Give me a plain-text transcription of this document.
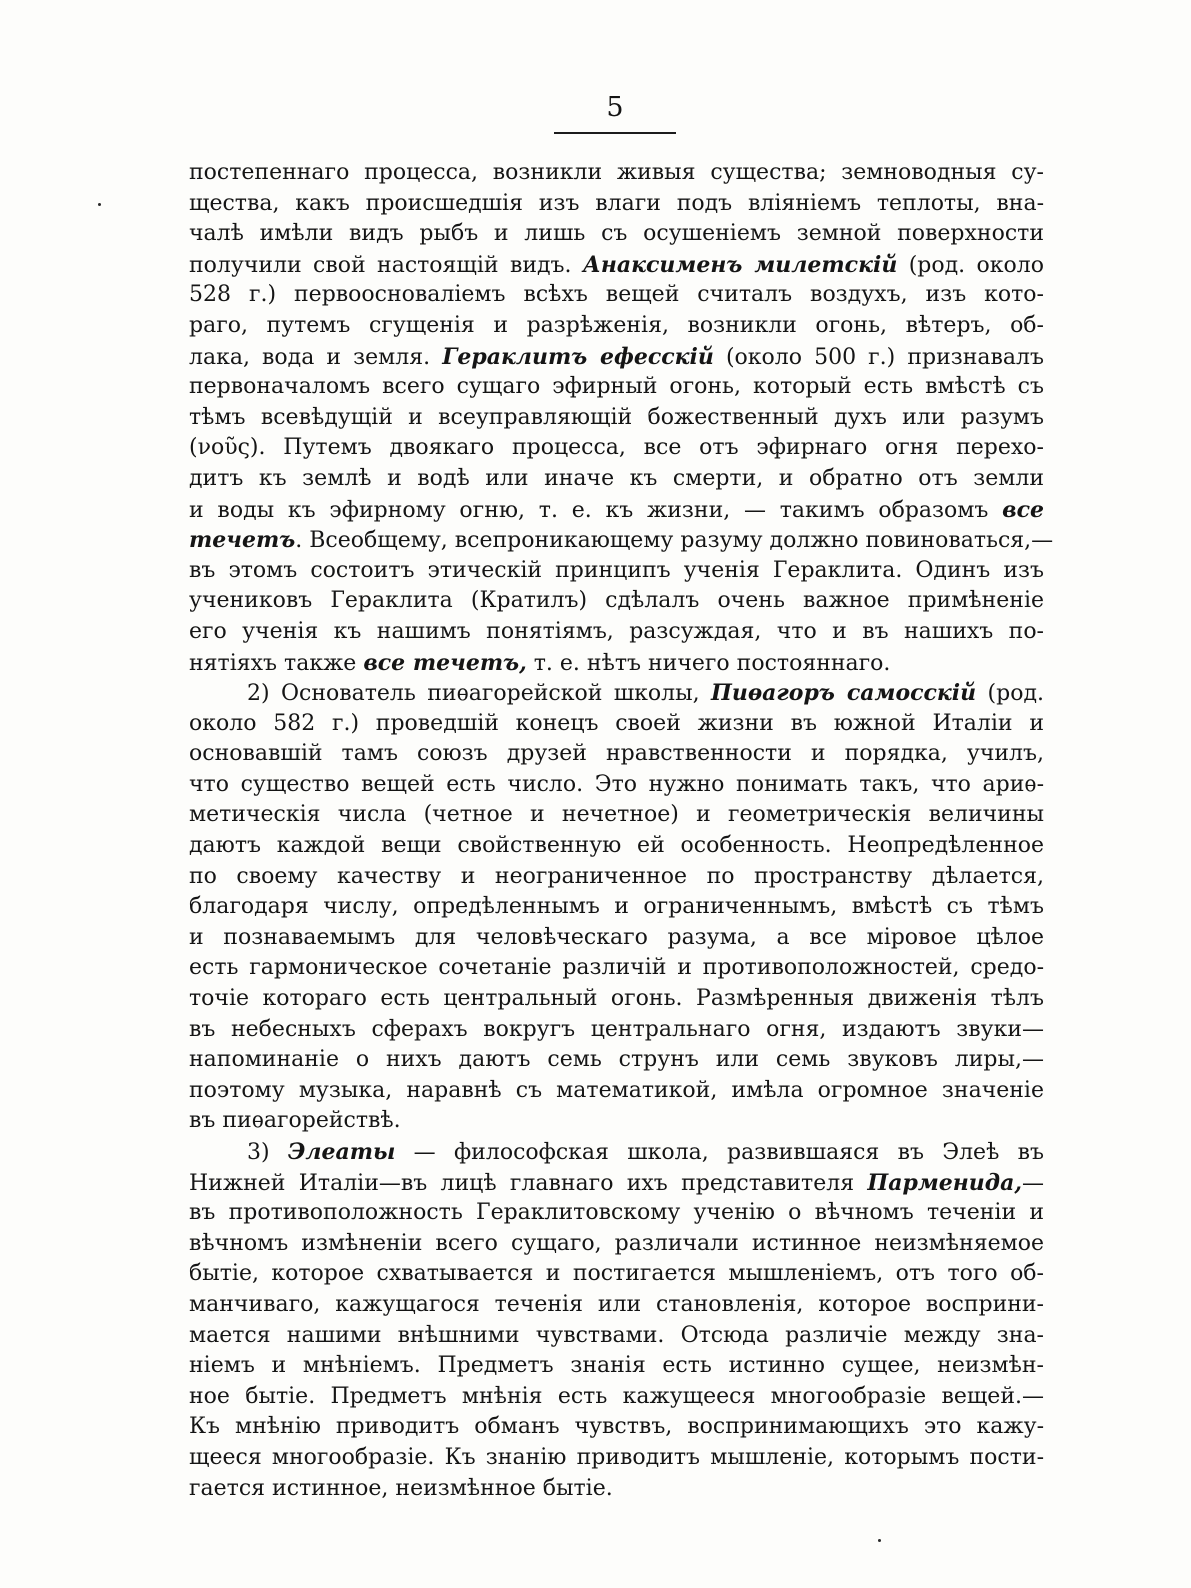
5
постепеннаго процесса, возникли живыя существа; земноводныя су-
щества, какъ происшедшія изъ влаги подъ вліяніемъ теплоты, вна-
чалѣ имѣли видъ рыбъ и лишь съ осушеніемъ земной поверхности
получили свой настоящій видъ. Анаксименъ милетскій (род. около
528 г.) первоосноваліемъ всѣхъ вещей считалъ воздухъ, изъ кото-
раго, путемъ сгущенія и разрѣженія, возникли огонь, вѣтеръ, об-
лака, вода и земля. Гераклитъ ефесскій (около 500 г.) признавалъ
первоначаломъ всего сущаго эфирный огонь, который есть вмѣстѣ съ
тѣмъ всевѣдущій и всеуправляющій божественный духъ или разумъ
(νοῦς). Путемъ двоякаго процесса, все отъ эфирнаго огня перехо-
дитъ къ землѣ и водѣ или иначе къ смерти, и обратно отъ земли
и воды къ эфирному огню, т. е. къ жизни, — такимъ образомъ все
течетъ. Всеобщему, всепроникающему разуму должно повиноваться,—
въ этомъ состоитъ этическій принципъ ученія Гераклита. Одинъ изъ
учениковъ Гераклита (Кратилъ) сдѣлалъ очень важное примѣненіе
его ученія къ нашимъ понятіямъ, разсуждая, что и въ нашихъ по-
нятіяхъ также все течетъ, т. е. нѣтъ ничего постояннаго.
2) Основатель пиѳагорейской школы, Пиѳагоръ самосскій (род.
около 582 г.) проведшій конецъ своей жизни въ южной Италіи и
основавшій тамъ союзъ друзей нравственности и порядка, училъ,
что существо вещей есть число. Это нужно понимать такъ, что ариѳ-
метическія числа (четное и нечетное) и геометрическія величины
даютъ каждой вещи свойственную ей особенность. Неопредѣленное
по своему качеству и неограниченное по пространству дѣлается,
благодаря числу, опредѣленнымъ и ограниченнымъ, вмѣстѣ съ тѣмъ
и познаваемымъ для человѣческаго разума, а все міровое цѣлое
есть гармоническое сочетаніе различій и противоположностей, средо-
точіе котораго есть центральный огонь. Размѣренныя движенія тѣлъ
въ небесныхъ сферахъ вокругъ центральнаго огня, издаютъ звуки—
напоминаніе о нихъ даютъ семь струнъ или семь звуковъ лиры,—
поэтому музыка, наравнѣ съ математикой, имѣла огромное значеніе
въ пиѳагорействѣ.
3) Элеаты — философская школа, развившаяся въ Элеѣ въ
Нижней Италіи—въ лицѣ главнаго ихъ представителя Парменида,—
въ противоположность Гераклитовскому ученію о вѣчномъ теченіи и
вѣчномъ измѣненіи всего сущаго, различали истинное неизмѣняемое
бытіе, которое схватывается и постигается мышленіемъ, отъ того об-
манчиваго, кажущагося теченія или становленія, которое восприни-
мается нашими внѣшними чувствами. Отсюда различіе между зна-
ніемъ и мнѣніемъ. Предметъ знанія есть истинно сущее, неизмѣн-
ное бытіе. Предметъ мнѣнія есть кажущееся многообразіе вещей.—
Къ мнѣнію приводитъ обманъ чувствъ, воспринимающихъ это кажу-
щееся многообразіе. Къ знанію приводитъ мышленіе, которымъ пости-
гается истинное, неизмѣнное бытіе.
